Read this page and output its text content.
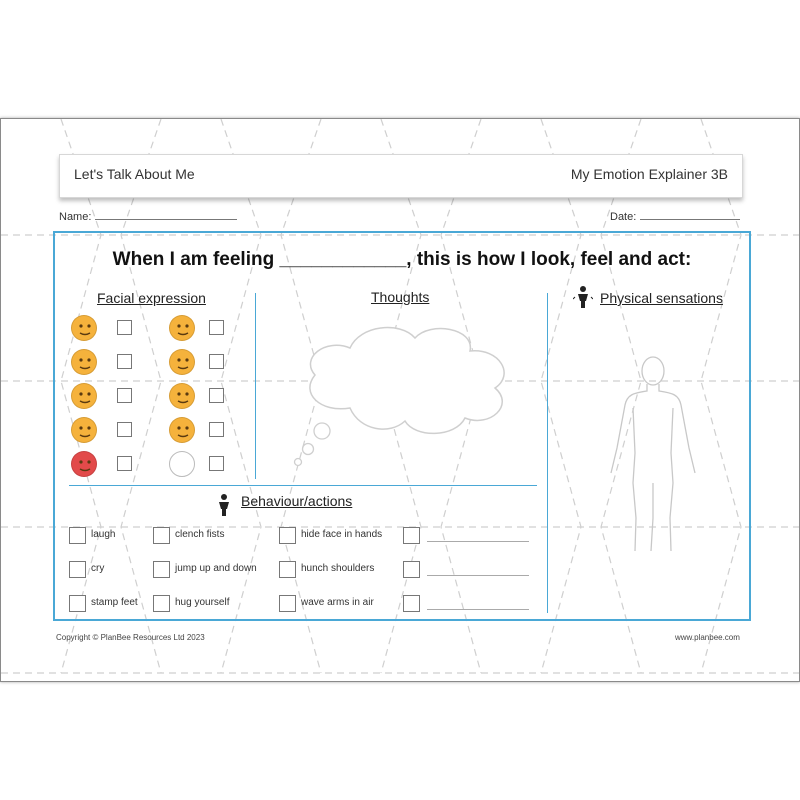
Let's Talk About Me	My Emotion Explainer 3B
Name:	Date:
When I am feeling ____________, this is how I look, feel and act:
Facial expression	Thoughts	Physical sensations
Behaviour/actions
laugh	clench fists	hide face in hands
cry	jump up and down	hunch shoulders
stamp feet	hug yourself	wave arms in air
Copyright © PlanBee Resources Ltd 2023	www.planbee.com
